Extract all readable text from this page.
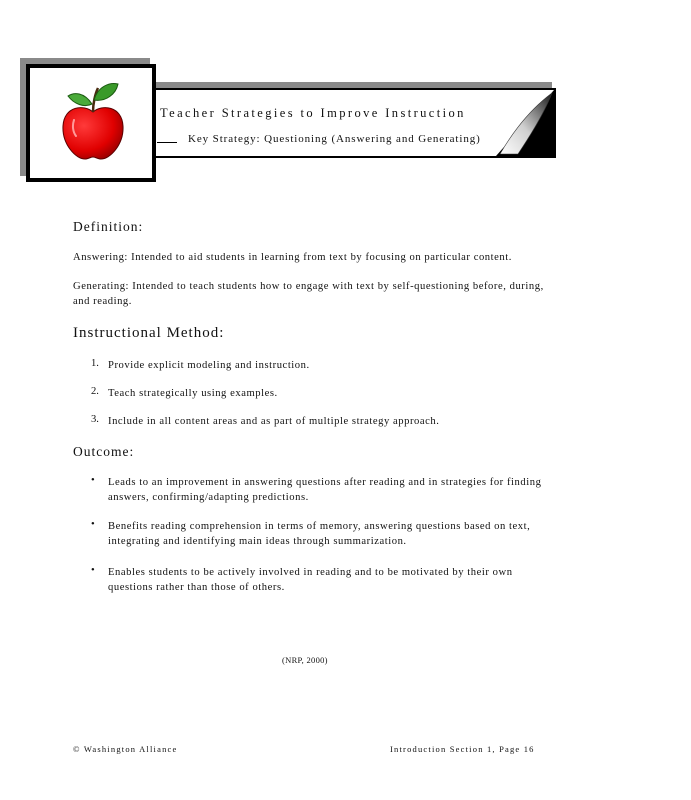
Teacher Strategies to Improve Instruction
Key Strategy: Questioning (Answering and Generating)
Definition:
Answering: Intended to aid students in learning from text by focusing on particular content.
Generating: Intended to teach students how to engage with text by self-questioning before, during, and reading.
Instructional Method:
1. Provide explicit modeling and instruction.
2. Teach strategically using examples.
3. Include in all content areas and as part of multiple strategy approach.
Outcome:
• Leads to an improvement in answering questions after reading and in strategies for finding answers, confirming/adapting predictions.
• Benefits reading comprehension in terms of memory, answering questions based on text, integrating and identifying main ideas through summarization.
• Enables students to be actively involved in reading and to be motivated by their own questions rather than those of others.
(NRP, 2000)
© Washington Alliance	Introduction Section 1, Page 16
